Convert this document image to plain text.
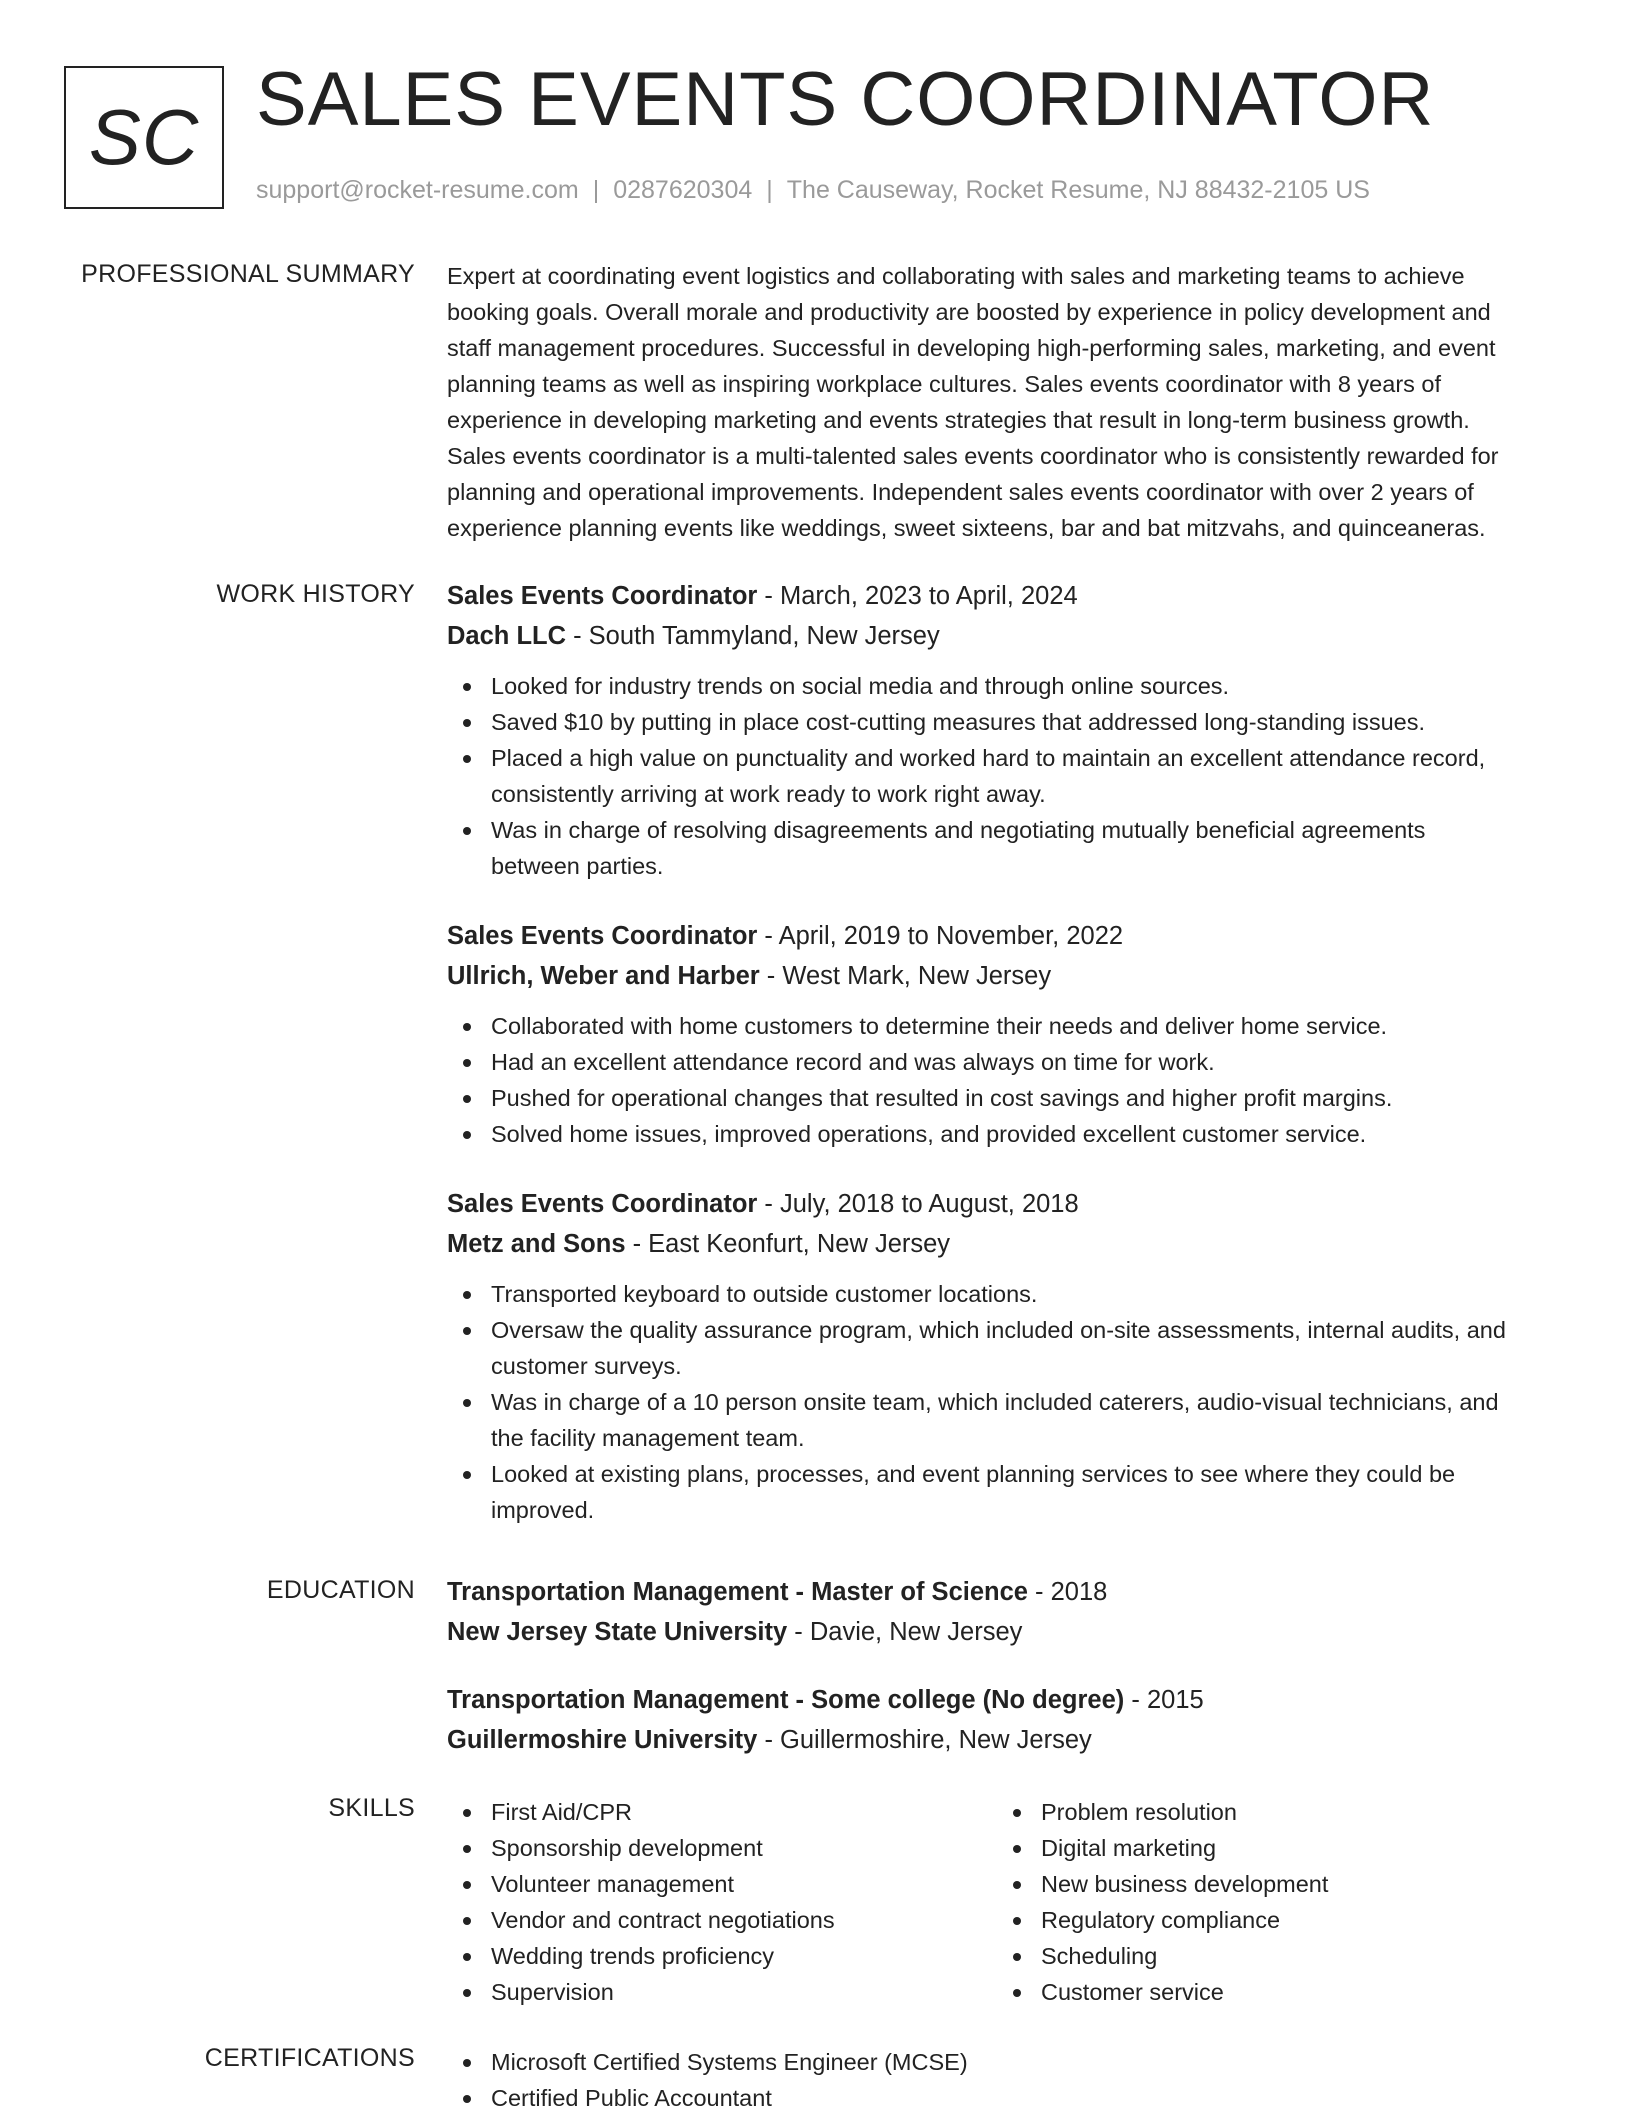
SC SALES EVENTS COORDINATOR
support@rocket-resume.com | 0287620304 | The Causeway, Rocket Resume, NJ 88432-2105 US
PROFESSIONAL SUMMARY Expert at coordinating event logistics and collaborating with sales and marketing teams to achieve
booking goals. Overall morale and productivity are boosted by experience in policy development and
staff management procedures. Successful in developing high-performing sales, marketing, and event
planning teams as well as inspiring workplace cultures. Sales events coordinator with 8 years of
experience in developing marketing and events strategies that result in long-term business growth.
Sales events coordinator is a multi-talented sales events coordinator who is consistently rewarded for
planning and operational improvements. Independent sales events coordinator with over 2 years of
experience planning events like weddings, sweet sixteens, bar and bat mitzvahs, and quinceaneras.
WORK HISTORY Sales Events Coordinator - March, 2023 to April, 2024
Dach LLC - South Tammyland, New Jersey
Looked for industry trends on social media and through online sources.
Saved $10 by putting in place cost-cutting measures that addressed long-standing issues.
Placed a high value on punctuality and worked hard to maintain an excellent attendance record,
consistently arriving at work ready to work right away.
Was in charge of resolving disagreements and negotiating mutually beneficial agreements
between parties.
Sales Events Coordinator - April, 2019 to November, 2022
Ullrich, Weber and Harber - West Mark, New Jersey
Collaborated with home customers to determine their needs and deliver home service.
Had an excellent attendance record and was always on time for work.
Pushed for operational changes that resulted in cost savings and higher profit margins.
Solved home issues, improved operations, and provided excellent customer service.
Sales Events Coordinator - July, 2018 to August, 2018
Metz and Sons - East Keonfurt, New Jersey
Transported keyboard to outside customer locations.
Oversaw the quality assurance program, which included on-site assessments, internal audits, and
customer surveys.
Was in charge of a 10 person onsite team, which included caterers, audio-visual technicians, and
the facility management team.
Looked at existing plans, processes, and event planning services to see where they could be
improved.
EDUCATION Transportation Management - Master of Science - 2018
New Jersey State University - Davie, New Jersey
Transportation Management - Some college (No degree) - 2015
Guillermoshire University - Guillermoshire, New Jersey
SKILLS	First Aid/CPR
Sponsorship development
Volunteer management
Vendor and contract negotiations
Wedding trends proficiency
Supervision
Problem resolution
Digital marketing
New business development
Regulatory compliance
Scheduling
Customer service
CERTIFICATIONS	Microsoft Certified Systems Engineer (MCSE)
Certified Public Accountant
